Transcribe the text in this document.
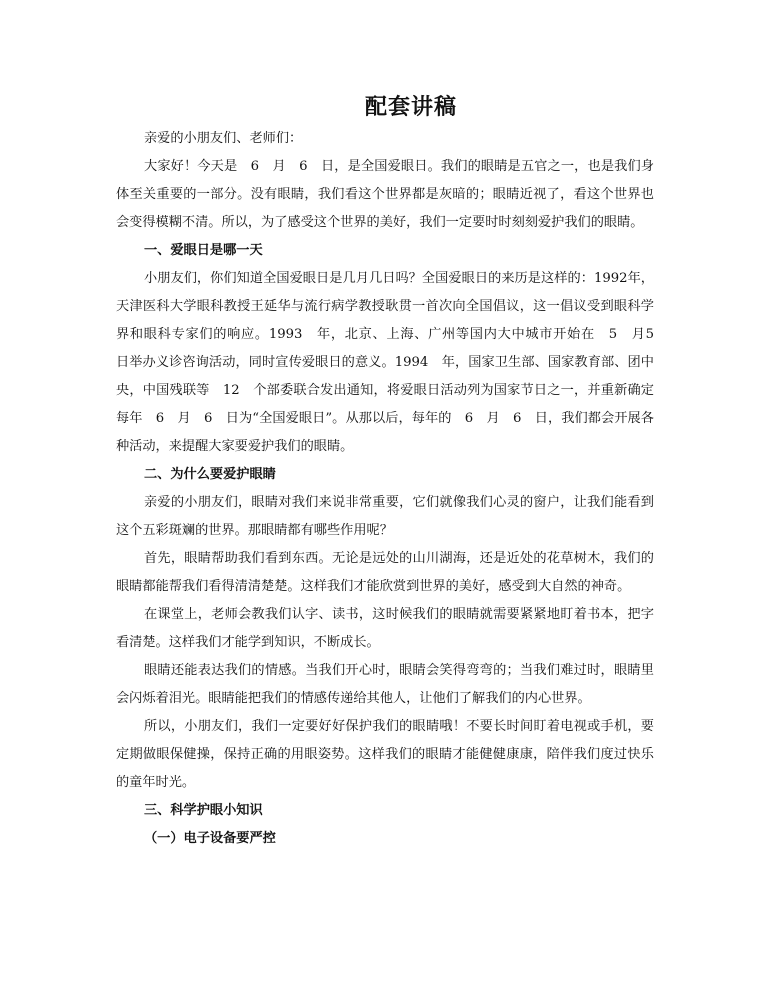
配套讲稿

亲爱的小朋友们、老师们：

大家好！今天是　6　月　6　日，是全国爱眼日。我们的眼睛是五官之一，也是我们身体至关重要的一部分。没有眼睛，我们看这个世界都是灰暗的；眼睛近视了，看这个世界也会变得模糊不清。所以，为了感受这个世界的美好，我们一定要时时刻刻爱护我们的眼睛。

一、爱眼日是哪一天

小朋友们，你们知道全国爱眼日是几月几日吗？全国爱眼日的来历是这样的：1992年，天津医科大学眼科教授王延华与流行病学教授耿贯一首次向全国倡议，这一倡议受到眼科学界和眼科专家们的响应。1993　年，北京、上海、广州等国内大中城市开始在　5　月5　日举办义诊咨询活动，同时宣传爱眼日的意义。1994　年，国家卫生部、国家教育部、团中央，中国残联等　12　个部委联合发出通知，将爱眼日活动列为国家节日之一，并重新确定每年　6　月　6　日为“全国爱眼日”。从那以后，每年的　6　月　6　日，我们都会开展各种活动，来提醒大家要爱护我们的眼睛。

二、为什么要爱护眼睛

亲爱的小朋友们，眼睛对我们来说非常重要，它们就像我们心灵的窗户，让我们能看到这个五彩斑斓的世界。那眼睛都有哪些作用呢？

首先，眼睛帮助我们看到东西。无论是远处的山川湖海，还是近处的花草树木，我们的眼睛都能帮我们看得清清楚楚。这样我们才能欣赏到世界的美好，感受到大自然的神奇。

在课堂上，老师会教我们认字、读书，这时候我们的眼睛就需要紧紧地盯着书本，把字看清楚。这样我们才能学到知识，不断成长。

眼睛还能表达我们的情感。当我们开心时，眼睛会笑得弯弯的；当我们难过时，眼睛里会闪烁着泪光。眼睛能把我们的情感传递给其他人，让他们了解我们的内心世界。

所以，小朋友们，我们一定要好好保护我们的眼睛哦！不要长时间盯着电视或手机，要定期做眼保健操，保持正确的用眼姿势。这样我们的眼睛才能健健康康，陪伴我们度过快乐的童年时光。

三、科学护眼小知识

（一）电子设备要严控
